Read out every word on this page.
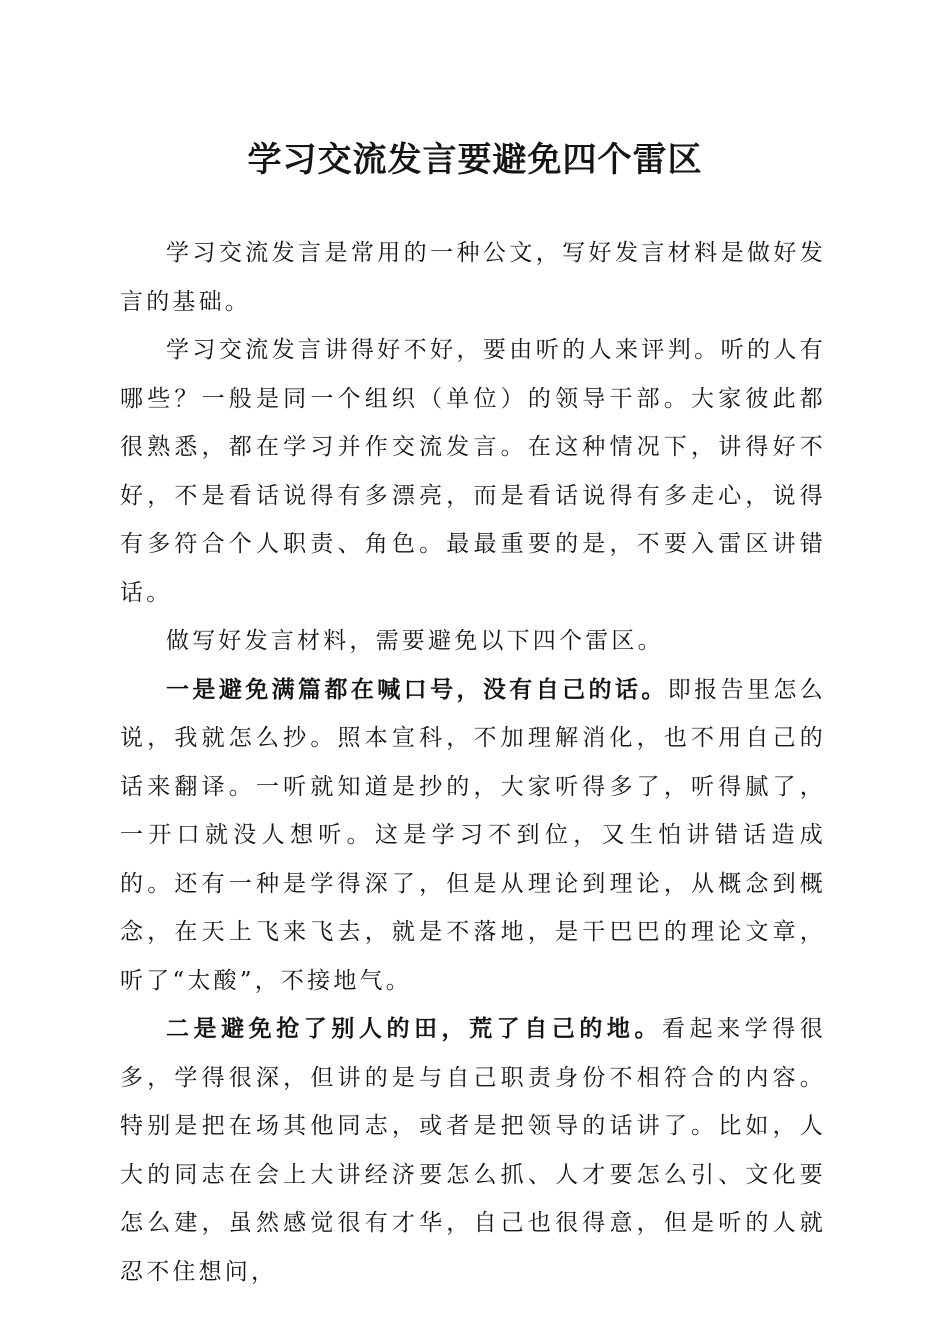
学习交流发言要避免四个雷区

学习交流发言是常用的一种公文，写好发言材料是做好发言的基础。

学习交流发言讲得好不好，要由听的人来评判。听的人有哪些？一般是同一个组织（单位）的领导干部。大家彼此都很熟悉，都在学习并作交流发言。在这种情况下，讲得好不好，不是看话说得有多漂亮，而是看话说得有多走心，说得有多符合个人职责、角色。最最重要的是，不要入雷区讲错话。

做写好发言材料，需要避免以下四个雷区。

一是避免满篇都在喊口号，没有自己的话。即报告里怎么说，我就怎么抄。照本宣科，不加理解消化，也不用自己的话来翻译。一听就知道是抄的，大家听得多了，听得腻了，一开口就没人想听。这是学习不到位，又生怕讲错话造成的。还有一种是学得深了，但是从理论到理论，从概念到概念，在天上飞来飞去，就是不落地，是干巴巴的理论文章，听了“太酸”，不接地气。

二是避免抢了别人的田，荒了自己的地。看起来学得很多，学得很深，但讲的是与自己职责身份不相符合的内容。特别是把在场其他同志，或者是把领导的话讲了。比如，人大的同志在会上大讲经济要怎么抓、人才要怎么引、文化要怎么建，虽然感觉很有才华，自己也很得意，但是听的人就忍不住想问，
